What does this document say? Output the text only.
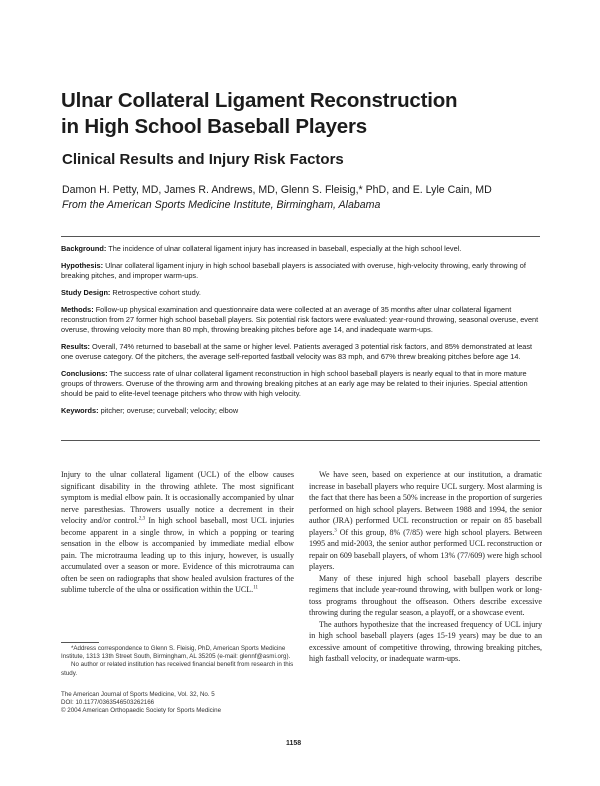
Ulnar Collateral Ligament Reconstruction
in High School Baseball Players
Clinical Results and Injury Risk Factors

Damon H. Petty, MD, James R. Andrews, MD, Glenn S. Fleisig,* PhD, and E. Lyle Cain, MD

From the American Sports Medicine Institute, Birmingham, Alabama

Background: The incidence of ulnar collateral ligament injury has increased in baseball, especially at the high school level.

Hypothesis: Ulnar collateral ligament injury in high school baseball players is associated with overuse, high-velocity throwing, early throwing of breaking pitches, and improper warm-ups.

Study Design: Retrospective cohort study.

Methods: Follow-up physical examination and questionnaire data were collected at an average of 35 months after ulnar collateral ligament reconstruction from 27 former high school baseball players. Six potential risk factors were evaluated: year-round throwing, seasonal overuse, event overuse, throwing velocity more than 80 mph, throwing breaking pitches before age 14, and inadequate warm-ups.

Results: Overall, 74% returned to baseball at the same or higher level. Patients averaged 3 potential risk factors, and 85% demonstrated at least one overuse category. Of the pitchers, the average self-reported fastball velocity was 83 mph, and 67% threw breaking pitches before age 14.

Conclusions: The success rate of ulnar collateral ligament reconstruction in high school baseball players is nearly equal to that in more mature groups of throwers. Overuse of the throwing arm and throwing breaking pitches at an early age may be related to their injuries. Special attention should be paid to elite-level teenage pitchers who throw with high velocity.

Keywords: pitcher; overuse; curveball; velocity; elbow

Injury to the ulnar collateral ligament (UCL) of the elbow causes significant disability in the throwing athlete. The most significant symptom is medial elbow pain. It is occasionally accompanied by ulnar nerve paresthesias. Throwers usually notice a decrement in their velocity and/or control.$^{2,3}$ In high school baseball, most UCL injuries become apparent in a single throw, in which a popping or tearing sensation in the elbow is accompanied by immediate medial elbow pain. The microtrauma leading up to this injury, however, is usually accumulated over a season or more. Evidence of this microtrauma can often be seen on radiographs that show healed avulsion fractures of the sublime tubercle of the ulna or ossification within the UCL.$^{11}$

We have seen, based on experience at our institution, a dramatic increase in baseball players who require UCL surgery. Most alarming is the fact that there has been a 50% increase in the proportion of surgeries performed on high school players. Between 1988 and 1994, the senior author (JRA) performed UCL reconstruction or repair on 85 baseball players.$^3$ Of this group, 8% (7/85) were high school players. Between 1995 and mid-2003, the senior author performed UCL reconstruction or repair on 609 baseball players, of whom 13% (77/609) were high school players.

Many of these injured high school baseball players describe regimens that include year-round throwing, with bullpen work or long-toss programs throughout the offseason. Others describe excessive throwing during the regular season, a playoff, or a showcase event.

The authors hypothesize that the increased frequency of UCL injury in high school baseball players (ages 15-19 years) may be due to an excessive amount of competitive throwing, throwing breaking pitches, high fastball velocity, or inadequate warm-ups.

*Address correspondence to Glenn S. Fleisig, PhD, American Sports Medicine Institute, 1313 13th Street South, Birmingham, AL 35205 (e-mail: glennf@asmi.org).

No author or related institution has received financial benefit from research in this study.

The American Journal of Sports Medicine, Vol. 32, No. 5
DOI: 10.1177/0363546503262166
© 2004 American Orthopaedic Society for Sports Medicine

1158
